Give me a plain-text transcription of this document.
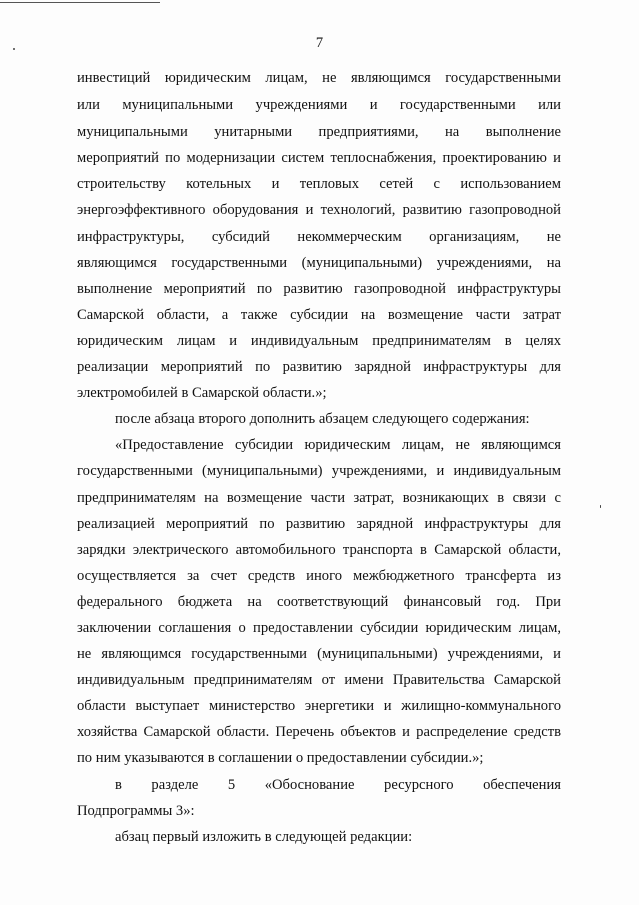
7
инвестиций юридическим лицам, не являющимся государственными
или муниципальными учреждениями и государственными или
муниципальными унитарными предприятиями, на выполнение
мероприятий по модернизации систем теплоснабжения, проектированию и
строительству котельных и тепловых сетей с использованием
энергоэффективного оборудования и технологий, развитию газопроводной
инфраструктуры, субсидий некоммерческим организациям, не
являющимся государственными (муниципальными) учреждениями, на
выполнение мероприятий по развитию газопроводной инфраструктуры
Самарской области, а также субсидии на возмещение части затрат
юридическим лицам и индивидуальным предпринимателям в целях
реализации мероприятий по развитию зарядной инфраструктуры для
электромобилей в Самарской области.»;
после абзаца второго дополнить абзацем следующего содержания:
«Предоставление субсидии юридическим лицам, не являющимся
государственными (муниципальными) учреждениями, и индивидуальным
предпринимателям на возмещение части затрат, возникающих в связи с
реализацией мероприятий по развитию зарядной инфраструктуры для
зарядки электрического автомобильного транспорта в Самарской области,
осуществляется за счет средств иного межбюджетного трансферта из
федерального бюджета на соответствующий финансовый год. При
заключении соглашения о предоставлении субсидии юридическим лицам,
не являющимся государственными (муниципальными) учреждениями, и
индивидуальным предпринимателям от имени Правительства Самарской
области выступает министерство энергетики и жилищно-коммунального
хозяйства Самарской области. Перечень объектов и распределение средств
по ним указываются в соглашении о предоставлении субсидии.»;
в разделе 5 «Обоснование ресурсного обеспечения
Подпрограммы 3»:
абзац первый изложить в следующей редакции:
